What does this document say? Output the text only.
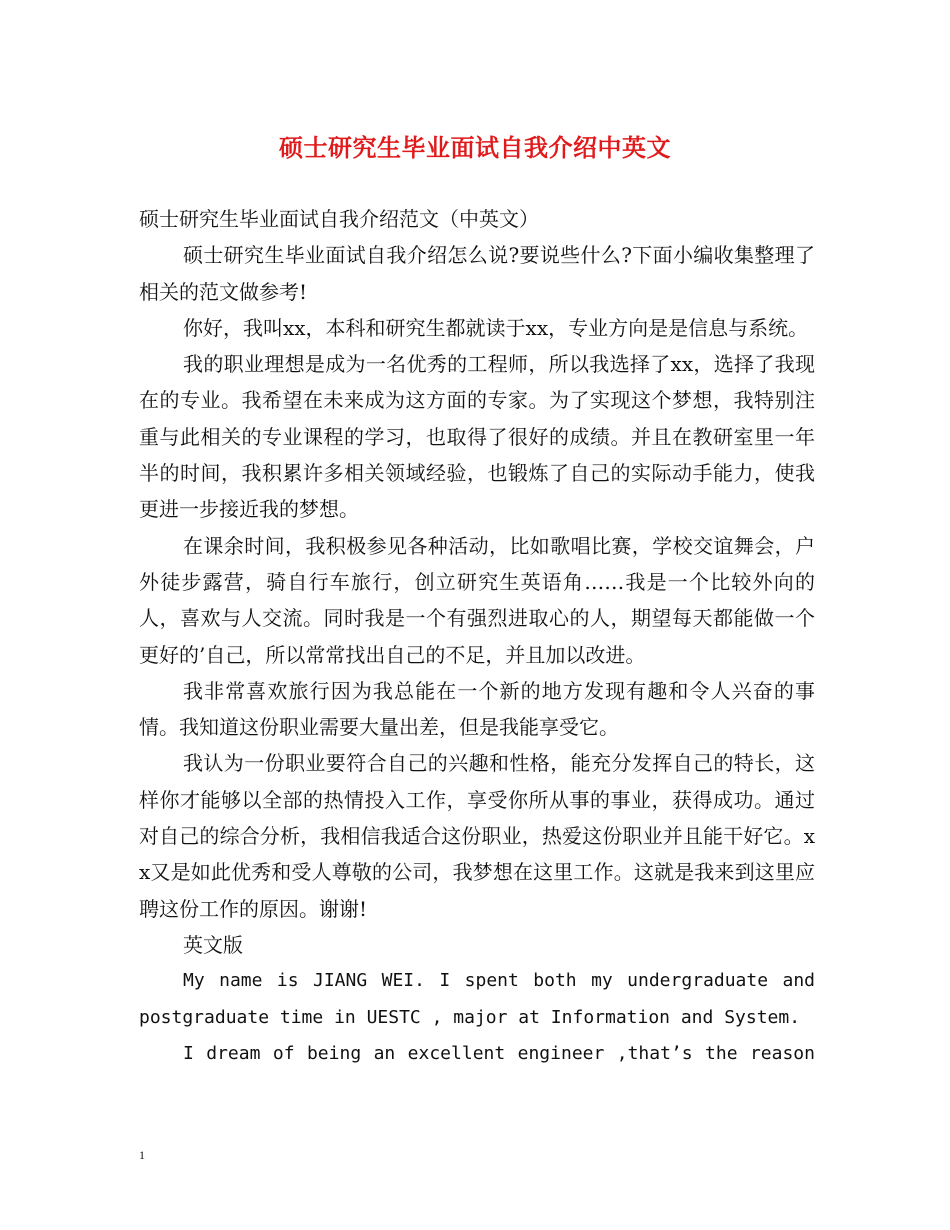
硕士研究生毕业面试自我介绍中英文

硕士研究生毕业面试自我介绍范文（中英文）

硕士研究生毕业面试自我介绍怎么说?要说些什么?下面小编收集整理了相关的范文做参考!

你好，我叫xx，本科和研究生都就读于xx，专业方向是是信息与系统。

我的职业理想是成为一名优秀的工程师，所以我选择了xx，选择了我现在的专业。我希望在未来成为这方面的专家。为了实现这个梦想，我特别注重与此相关的专业课程的学习，也取得了很好的成绩。并且在教研室里一年半的时间，我积累许多相关领域经验，也锻炼了自己的实际动手能力，使我更进一步接近我的梦想。

在课余时间，我积极参见各种活动，比如歌唱比赛，学校交谊舞会，户外徒步露营，骑自行车旅行，创立研究生英语角……我是一个比较外向的人，喜欢与人交流。同时我是一个有强烈进取心的人，期望每天都能做一个更好的’自己，所以常常找出自己的不足，并且加以改进。

我非常喜欢旅行因为我总能在一个新的地方发现有趣和令人兴奋的事情。我知道这份职业需要大量出差，但是我能享受它。

我认为一份职业要符合自己的兴趣和性格，能充分发挥自己的特长，这样你才能够以全部的热情投入工作，享受你所从事的事业，获得成功。通过对自己的综合分析，我相信我适合这份职业，热爱这份职业并且能干好它。xx又是如此优秀和受人尊敬的公司，我梦想在这里工作。这就是我来到这里应聘这份工作的原因。谢谢!

英文版

My name is JIANG WEI. I spent both my undergraduate and postgraduate time in UESTC , major at Information and System.

I dream of being an excellent engineer ,that’s the reason

1
